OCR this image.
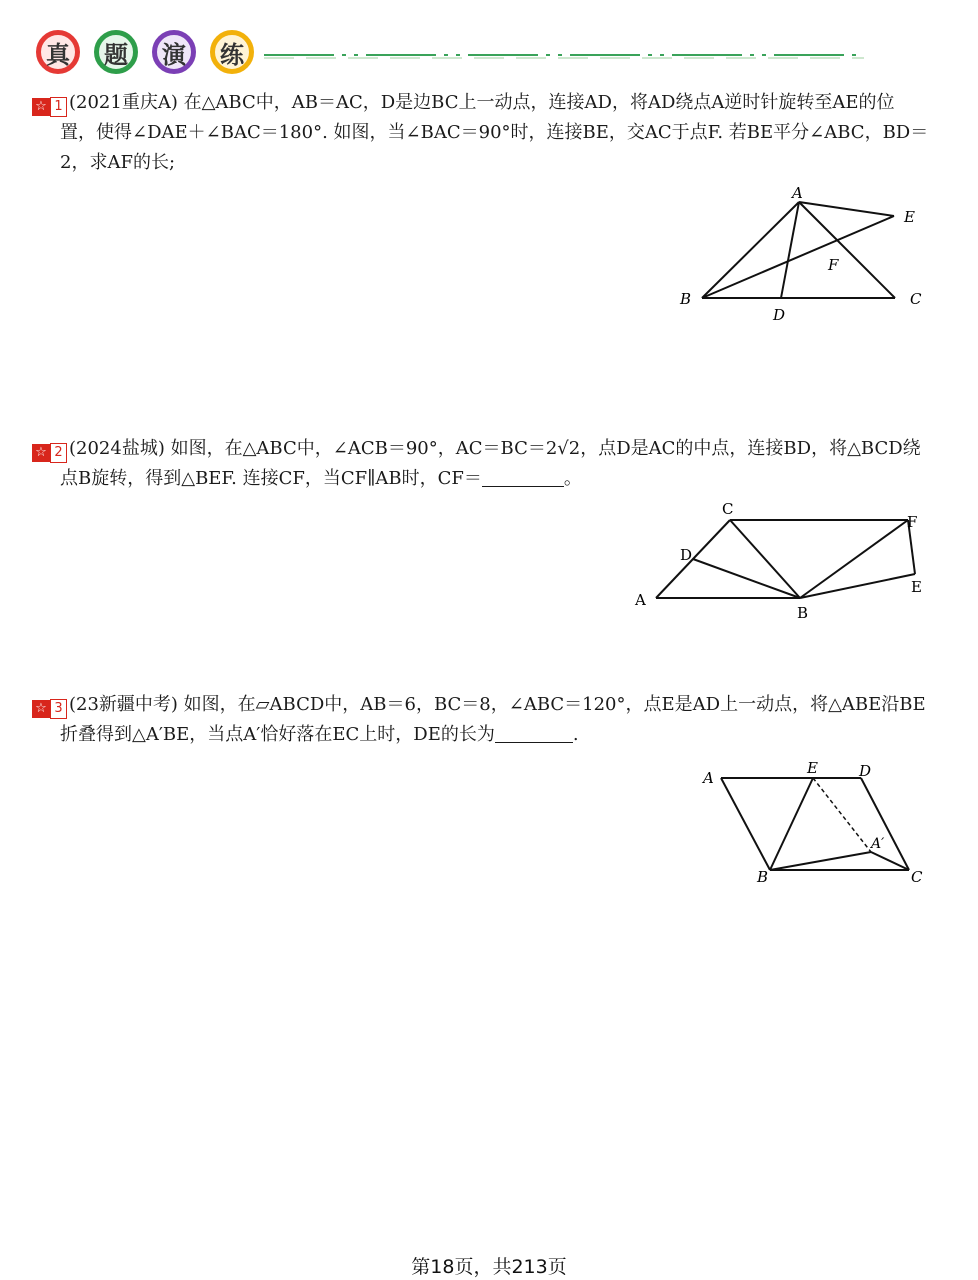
真	题	演	练
☆ 1 (2021重庆A) 在△ABC中，AB＝AC，D是边BC上一动点，连接AD，将AD绕点A逆时针旋转至AE的位
置，使得∠DAE＋∠BAC＝180°. 如图，当∠BAC＝90°时，连接BE，交AC于点F. 若BE平分∠ABC，BD＝
2，求AF的长;
A
B	C
D
E
F
☆ 2 (2024盐城) 如图，在△ABC中，∠ACB＝90°，AC＝BC＝2√2，点D是AC的中点，连接BD，将△BCD绕
点B旋转，得到△BEF. 连接CF，当CF∥AB时，CF＝	。
A
B
C
D
E
F
☆ 3 (23新疆中考) 如图，在▱ABCD中，AB＝6，BC＝8，∠ABC＝120°，点E是AD上一动点，将△ABE沿BE
折叠得到△A′BE，当点A′恰好落在EC上时，DE的长为	.
A
B	C
D
E
A′
第18页，共213页
